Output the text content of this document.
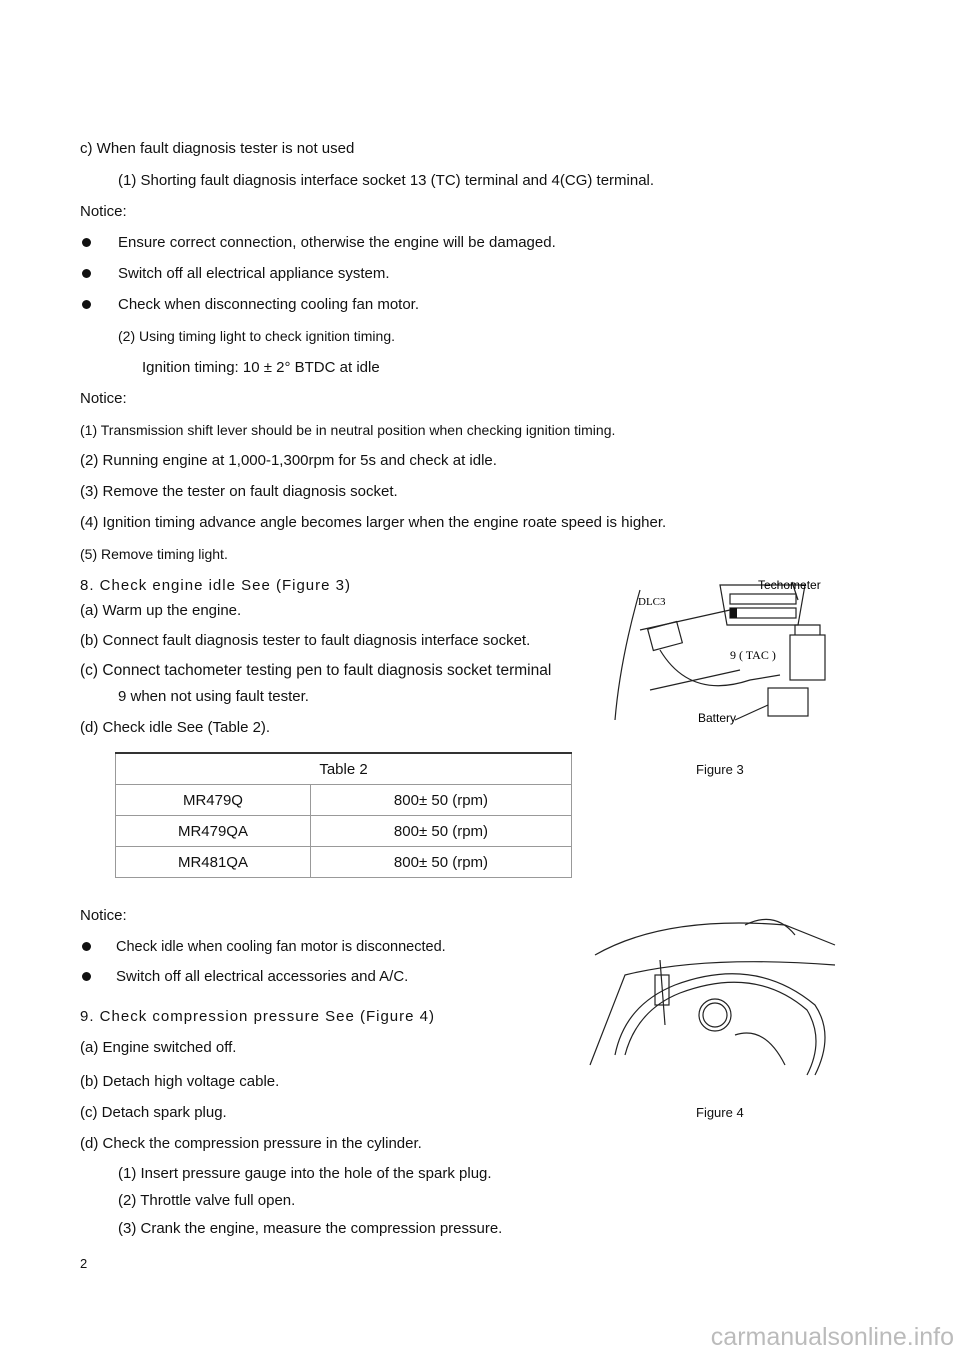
c) When fault diagnosis tester is not used
(1) Shorting fault diagnosis interface socket 13 (TC) terminal and 4(CG) terminal.
Notice:
Ensure correct connection, otherwise the engine will be damaged.
Switch off all electrical appliance system.
Check when disconnecting cooling fan motor.
(2) Using timing light to check ignition timing.
Ignition timing: 10 ± 2° BTDC at idle
Notice:
(1) Transmission shift lever should be in neutral position when checking ignition timing.
(2) Running engine at 1,000-1,300rpm for 5s and check at idle.
(3) Remove the tester on fault diagnosis socket.
(4) Ignition timing advance angle becomes larger when the engine roate speed is higher.
(5) Remove timing light.
8. Check engine idle See (Figure 3)
(a) Warm up the engine.
(b) Connect fault diagnosis tester to fault diagnosis interface socket.
(c) Connect tachometer testing pen to fault diagnosis socket terminal
9 when not using fault tester.
(d) Check idle See (Table 2).
Table 2	
MR479Q	800± 50 (rpm)
MR479QA	800± 50 (rpm)
MR481QA	800± 50 (rpm)
DLC3
9 ( TAC )
Techometer
Battery
Figure 3
Notice:
Check idle when cooling fan motor is disconnected.
Switch off all electrical accessories and A/C.
Figure 4
9. Check compression pressure See (Figure 4)
(a) Engine switched off.
(b) Detach high voltage cable.
(c) Detach spark plug.
(d) Check the compression pressure in the cylinder.
(1) Insert pressure gauge into the hole of the spark plug.
(2) Throttle valve full open.
(3) Crank the engine, measure the compression pressure.
2
carmanualsonline.info
